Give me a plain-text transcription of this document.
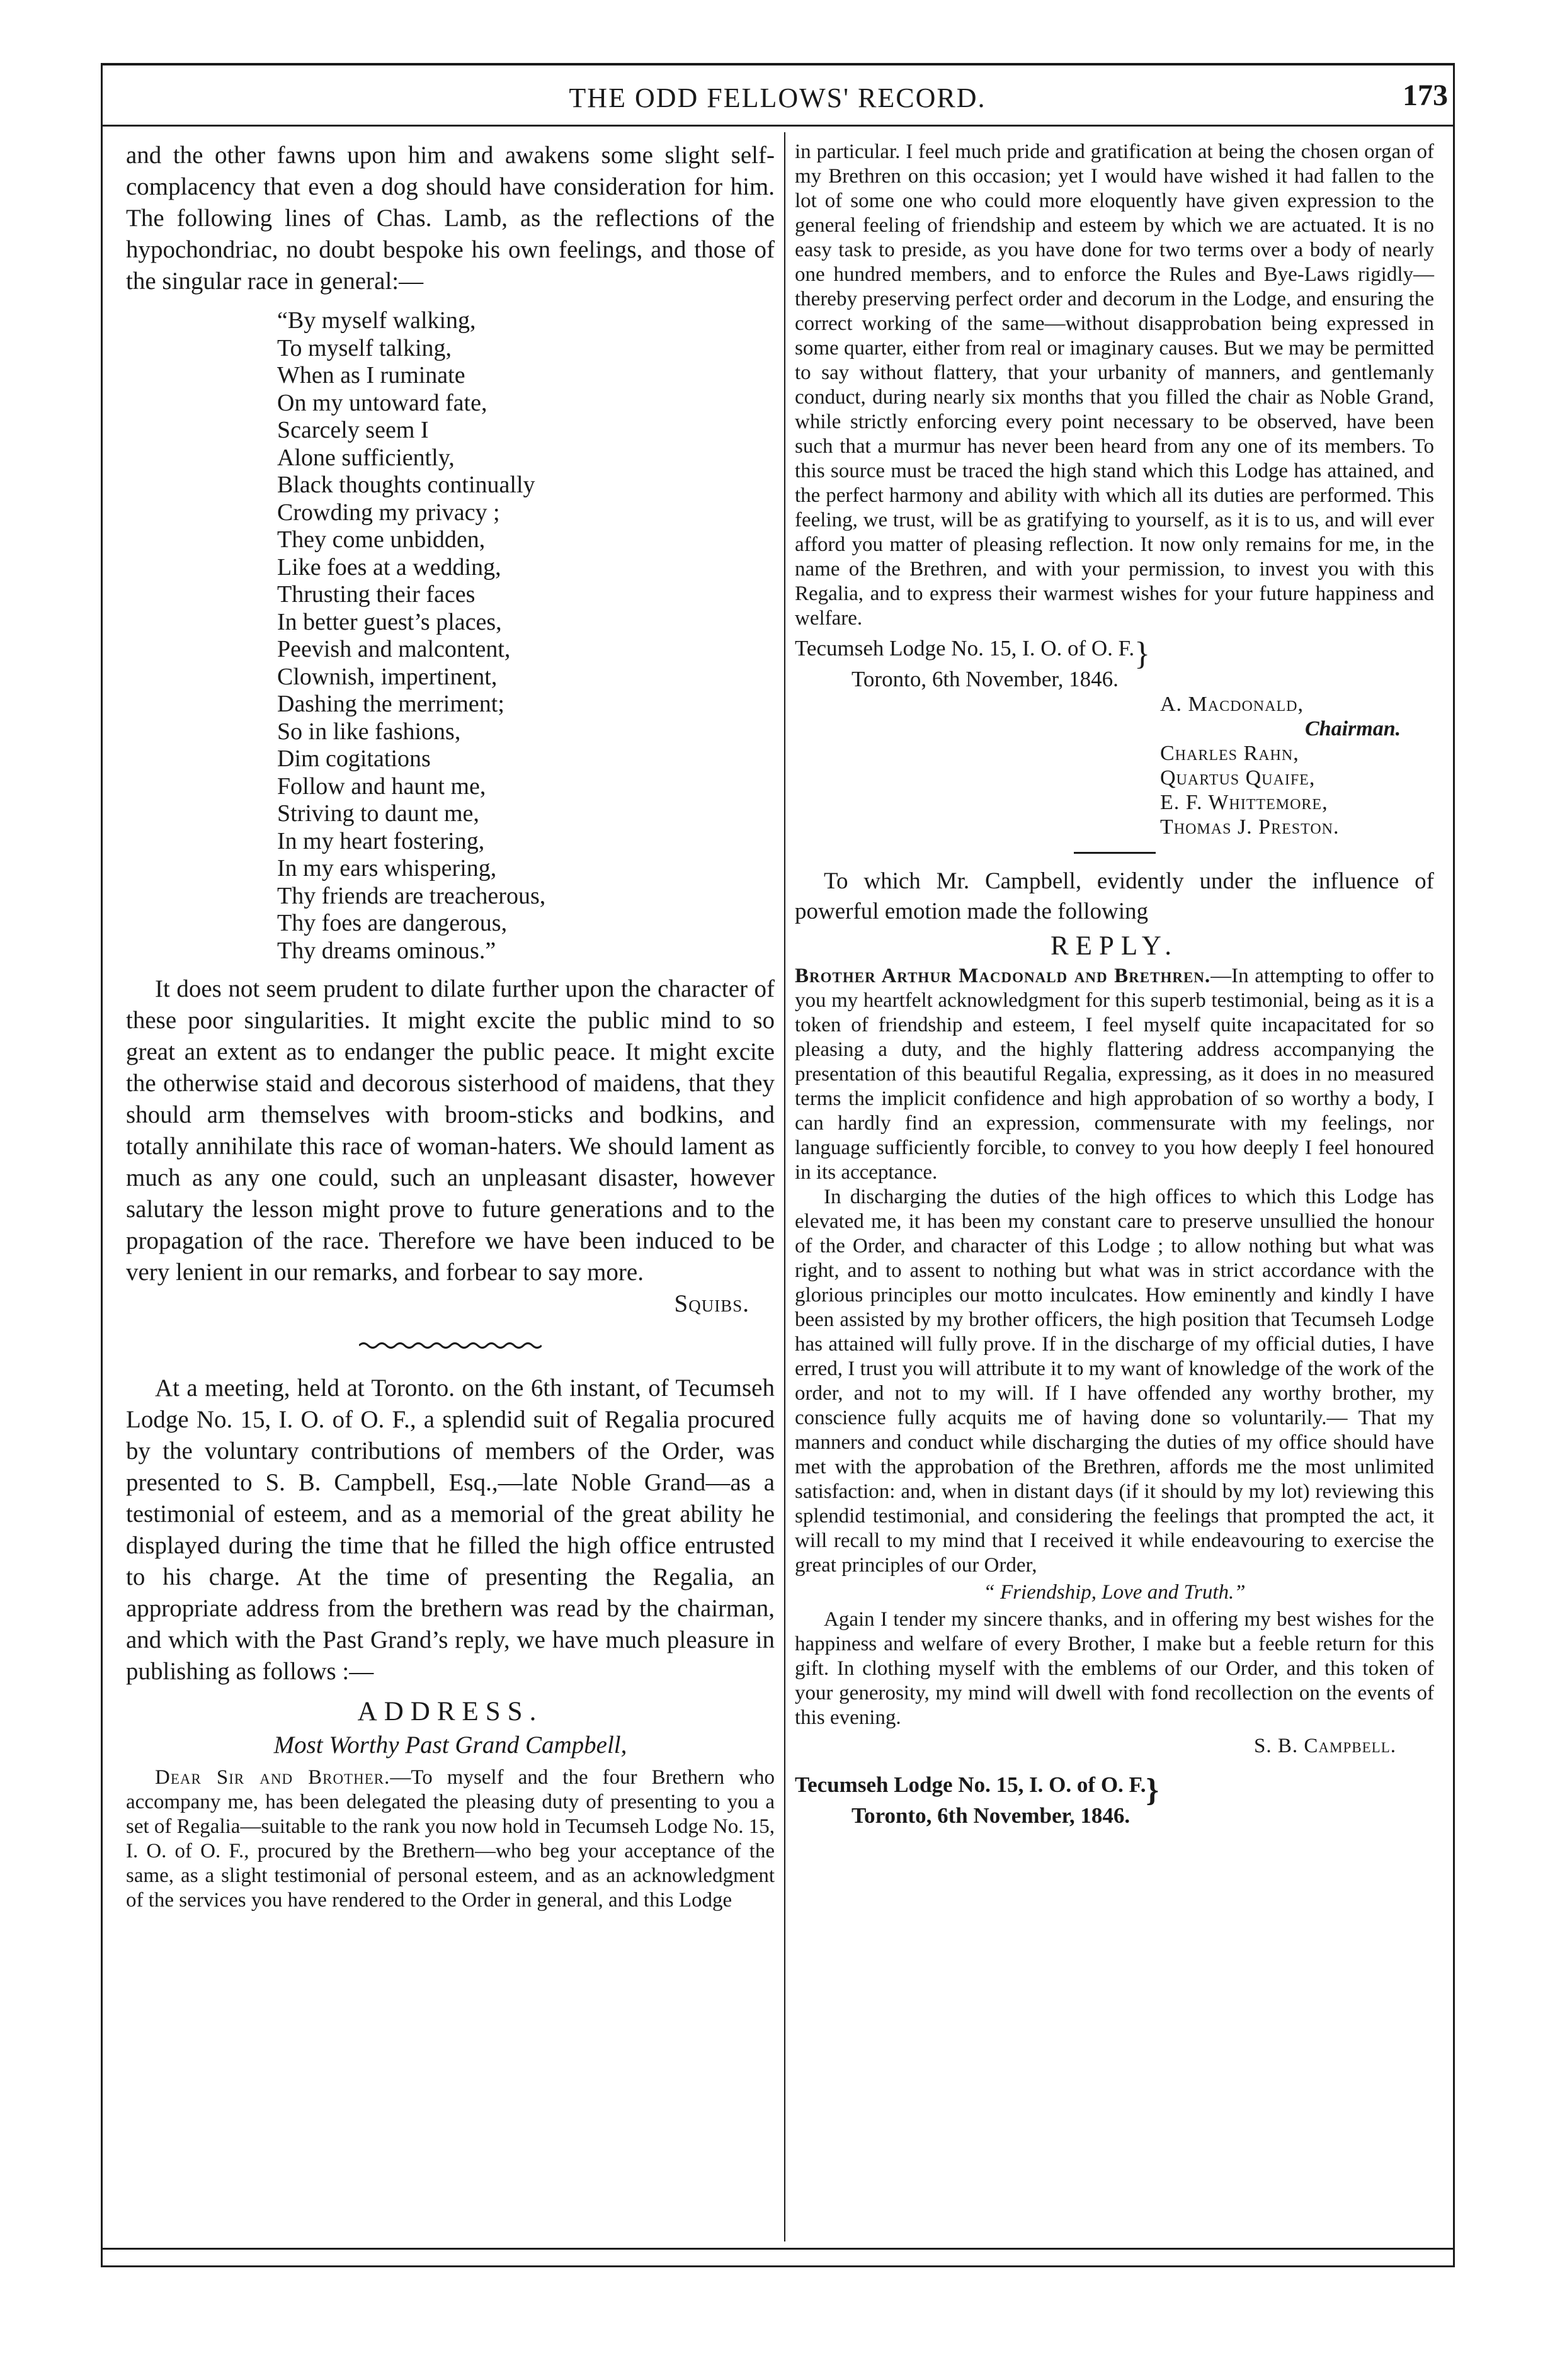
THE ODD FELLOWS' RECORD.	173

and the other fawns upon him and awakens some slight self-complacency that even a dog should have consideration for him. The following lines of Chas. Lamb, as the reflections of the hypochondriac, no doubt bespoke his own feelings, and those of the singular race in general:—

“By myself walking,
To myself talking,
When as I ruminate
On my untoward fate,
Scarcely seem I
Alone sufficiently,
Black thoughts continually
Crowding my privacy ;
They come unbidden,
Like foes at a wedding,
Thrusting their faces
In better guest’s places,
Peevish and malcontent,
Clownish, impertinent,
Dashing the merriment;
So in like fashions,
Dim cogitations
Follow and haunt me,
Striving to daunt me,
In my heart fostering,
In my ears whispering,
Thy friends are treacherous,
Thy foes are dangerous,
Thy dreams ominous.”

It does not seem prudent to dilate further upon the character of these poor singularities. It might excite the public mind to so great an extent as to endanger the public peace. It might excite the otherwise staid and decorous sisterhood of maidens, that they should arm themselves with broom-sticks and bodkins, and totally annihilate this race of woman-haters. We should lament as much as any one could, such an unpleasant disaster, however salutary the lesson might prove to future generations and to the propagation of the race. Therefore we have been induced to be very lenient in our remarks, and forbear to say more.

Squibs.

At a meeting, held at Toronto. on the 6th instant, of Tecumseh Lodge No. 15, I. O. of O. F., a splendid suit of Regalia procured by the voluntary contributions of members of the Order, was presented to S. B. Campbell, Esq.,—late Noble Grand—as a testimonial of esteem, and as a memorial of the great ability he displayed during the time that he filled the high office entrusted to his charge. At the time of presenting the Regalia, an appropriate address from the brethern was read by the chairman, and which with the Past Grand’s reply, we have much pleasure in publishing as follows :—

ADDRESS.

Most Worthy Past Grand Campbell,

Dear Sir and Brother.—To myself and the four Brethern who accompany me, has been delegated the pleasing duty of presenting to you a set of Regalia—suitable to the rank you now hold in Tecumseh Lodge No. 15, I. O. of O. F., procured by the Brethern—who beg your acceptance of the same, as a slight testimonial of personal esteem, and as an acknowledgment of the services you have rendered to the Order in general, and this Lodge

in particular. I feel much pride and gratification at being the chosen organ of my Brethren on this occasion; yet I would have wished it had fallen to the lot of some one who could more eloquently have given expression to the general feeling of friendship and esteem by which we are actuated. It is no easy task to preside, as you have done for two terms over a body of nearly one hundred members, and to enforce the Rules and Bye-Laws rigidly—thereby preserving perfect order and decorum in the Lodge, and ensuring the correct working of the same—without disapprobation being expressed in some quarter, either from real or imaginary causes. But we may be permitted to say without flattery, that your urbanity of manners, and gentlemanly conduct, during nearly six months that you filled the chair as Noble Grand, while strictly enforcing every point necessary to be observed, have been such that a murmur has never been heard from any one of its members. To this source must be traced the high stand which this Lodge has attained, and the perfect harmony and ability with which all its duties are performed. This feeling, we trust, will be as gratifying to yourself, as it is to us, and will ever afford you matter of pleasing reflection. It now only remains for me, in the name of the Brethren, and with your permission, to invest you with this Regalia, and to express their warmest wishes for your future happiness and welfare.

Tecumseh Lodge No. 15, I. O. of O. F.}
Toronto, 6th November, 1846.
A. Macdonald,
Chairman.
Charles Rahn,
Quartus Quaife,
E. F. Whittemore,
Thomas J. Preston.

To which Mr. Campbell, evidently under the influence of powerful emotion made the following

REPLY.

Brother Arthur Macdonald and Brethren.—In attempting to offer to you my heartfelt acknowledgment for this superb testimonial, being as it is a token of friendship and esteem, I feel myself quite incapacitated for so pleasing a duty, and the highly flattering address accompanying the presentation of this beautiful Regalia, expressing, as it does in no measured terms the implicit confidence and high approbation of so worthy a body, I can hardly find an expression, commensurate with my feelings, nor language sufficiently forcible, to convey to you how deeply I feel honoured in its acceptance.

In discharging the duties of the high offices to which this Lodge has elevated me, it has been my constant care to preserve unsullied the honour of the Order, and character of this Lodge ; to allow nothing but what was right, and to assent to nothing but what was in strict accordance with the glorious principles our motto inculcates. How eminently and kindly I have been assisted by my brother officers, the high position that Tecumseh Lodge has attained will fully prove. If in the discharge of my official duties, I have erred, I trust you will attribute it to my want of knowledge of the work of the order, and not to my will. If I have offended any worthy brother, my conscience fully acquits me of having done so voluntarily.— That my manners and conduct while discharging the duties of my office should have met with the approbation of the Brethren, affords me the most unlimited satisfaction: and, when in distant days (if it should by my lot) reviewing this splendid testimonial, and considering the feelings that prompted the act, it will recall to my mind that I received it while endeavouring to exercise the great principles of our Order,

“ Friendship, Love and Truth.”

Again I tender my sincere thanks, and in offering my best wishes for the happiness and welfare of every Brother, I make but a feeble return for this gift. In clothing myself with the emblems of our Order, and this token of your generosity, my mind will dwell with fond recollection on the events of this evening.

S. B. Campbell.

Tecumseh Lodge No. 15, I. O. of O. F.}
Toronto, 6th November, 1846.
